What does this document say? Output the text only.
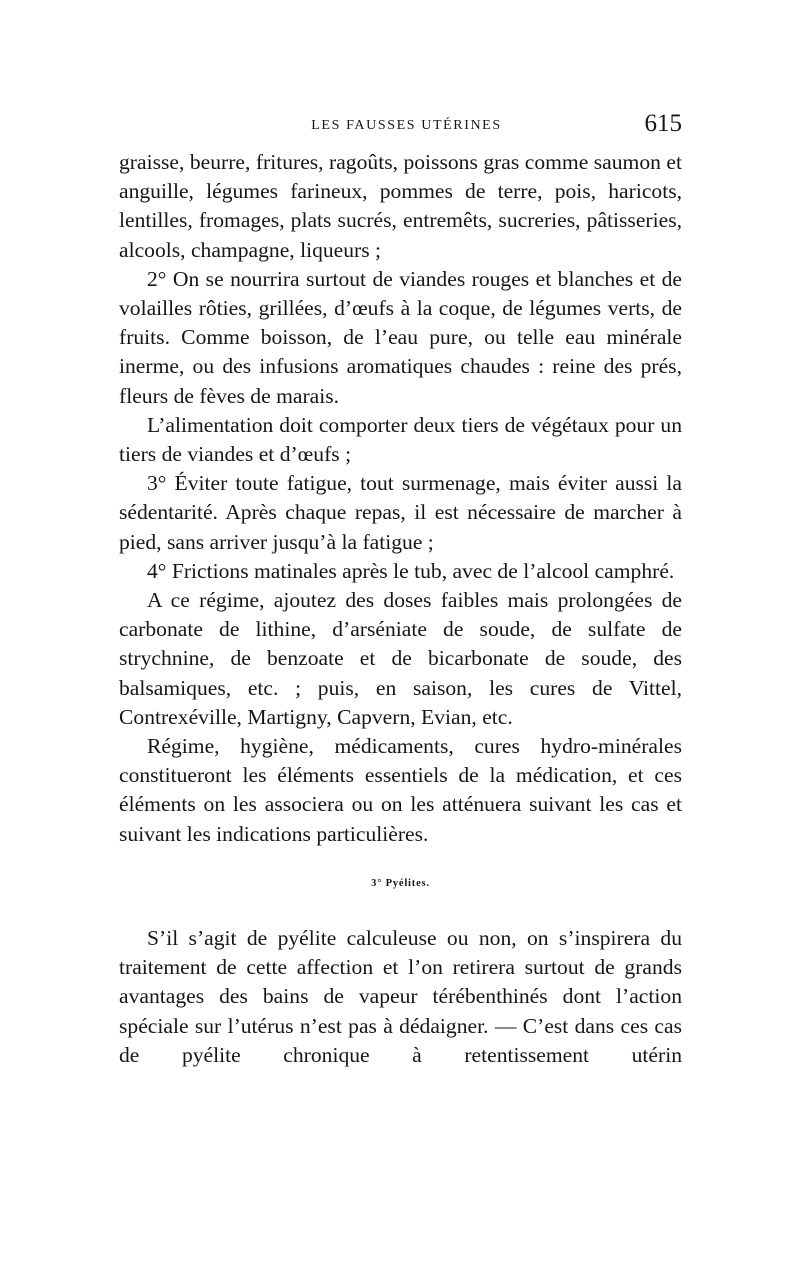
LES FAUSSES UTÉRINES	615

graisse, beurre, fritures, ragoûts, poissons gras comme saumon et anguille, légumes farineux, pommes de terre, pois, haricots, lentilles, fromages, plats sucrés, entremêts, sucreries, pâtisseries, alcools, champagne, liqueurs ;

2° On se nourrira surtout de viandes rouges et blanches et de volailles rôties, grillées, d’œufs à la coque, de légumes verts, de fruits. Comme boisson, de l’eau pure, ou telle eau minérale inerme, ou des infusions aromatiques chaudes : reine des prés, fleurs de fèves de marais.

L’alimentation doit comporter deux tiers de végétaux pour un tiers de viandes et d’œufs ;

3° Éviter toute fatigue, tout surmenage, mais éviter aussi la sédentarité. Après chaque repas, il est nécessaire de marcher à pied, sans arriver jusqu’à la fatigue ;

4° Frictions matinales après le tub, avec de l’alcool camphré.

A ce régime, ajoutez des doses faibles mais prolongées de carbonate de lithine, d’arséniate de soude, de sulfate de strychnine, de benzoate et de bicarbonate de soude, des balsamiques, etc. ; puis, en saison, les cures de Vittel, Contrexéville, Martigny, Capvern, Evian, etc.

Régime, hygiène, médicaments, cures hydro-minérales constitueront les éléments essentiels de la médication, et ces éléments on les associera ou on les atténuera suivant les cas et suivant les indications particulières.

3° Pyélites.

S’il s’agit de pyélite calculeuse ou non, on s’inspirera du traitement de cette affection et l’on retirera surtout de grands avantages des bains de vapeur térébenthinés dont l’action spéciale sur l’utérus n’est pas à dédaigner. — C’est dans ces cas de pyélite chronique à retentissement utérin
